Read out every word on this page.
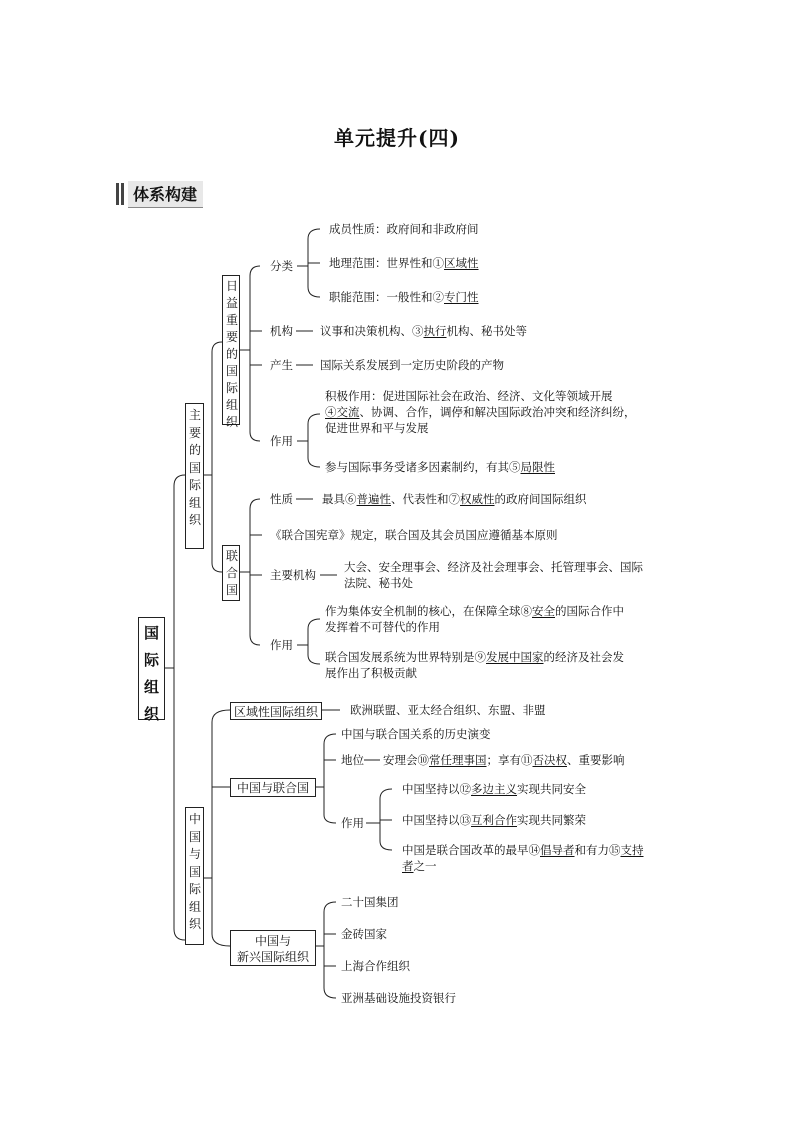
单元提升(四)
体系构建
国际组织
主要的国际组织
中国与国际组织
日益重要的国际组织
联合国
分类
成员性质：政府间和非政府间
地理范围：世界性和①区域性
职能范围：一般性和②专门性
机构 议事和决策机构、③执行机构、秘书处等
产生 国际关系发展到一定历史阶段的产物
作用
积极作用：促进国际社会在政治、经济、文化等领域开展
④交流、协调、合作，调停和解决国际政治冲突和经济纠纷，
促进世界和平与发展
参与国际事务受诸多因素制约，有其⑤局限性
性质	最具⑥普遍性、代表性和⑦权威性的政府间国际组织
《联合国宪章》规定，联合国及其会员国应遵循基本原则
主要机构
大会、安全理事会、经济及社会理事会、托管理事会、国际法院、秘书处
作用
作为集体安全机制的核心，在保障全球⑧安全的国际合作中发挥着不可替代的作用
联合国发展系统为世界特别是⑨发展中国家的经济及社会发展作出了积极贡献
区域性国际组织	欧洲联盟、亚太经合组织、东盟、非盟
中国与联合国
中国与联合国关系的历史演变
地位 安理会⑩常任理事国；享有⑪否决权、重要影响
作用
中国坚持以⑫多边主义实现共同安全
中国坚持以⑬互利合作实现共同繁荣
中国是联合国改革的最早⑭倡导者和有力⑮支持者之一
中国与
新兴国际组织
二十国集团
金砖国家
上海合作组织
亚洲基础设施投资银行
